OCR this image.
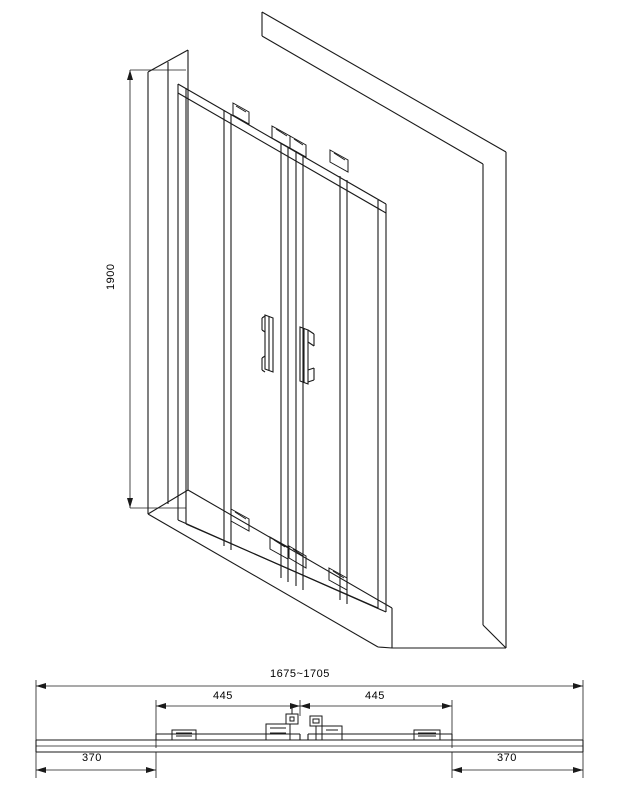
1900
1675~1705
445	445
370	370
